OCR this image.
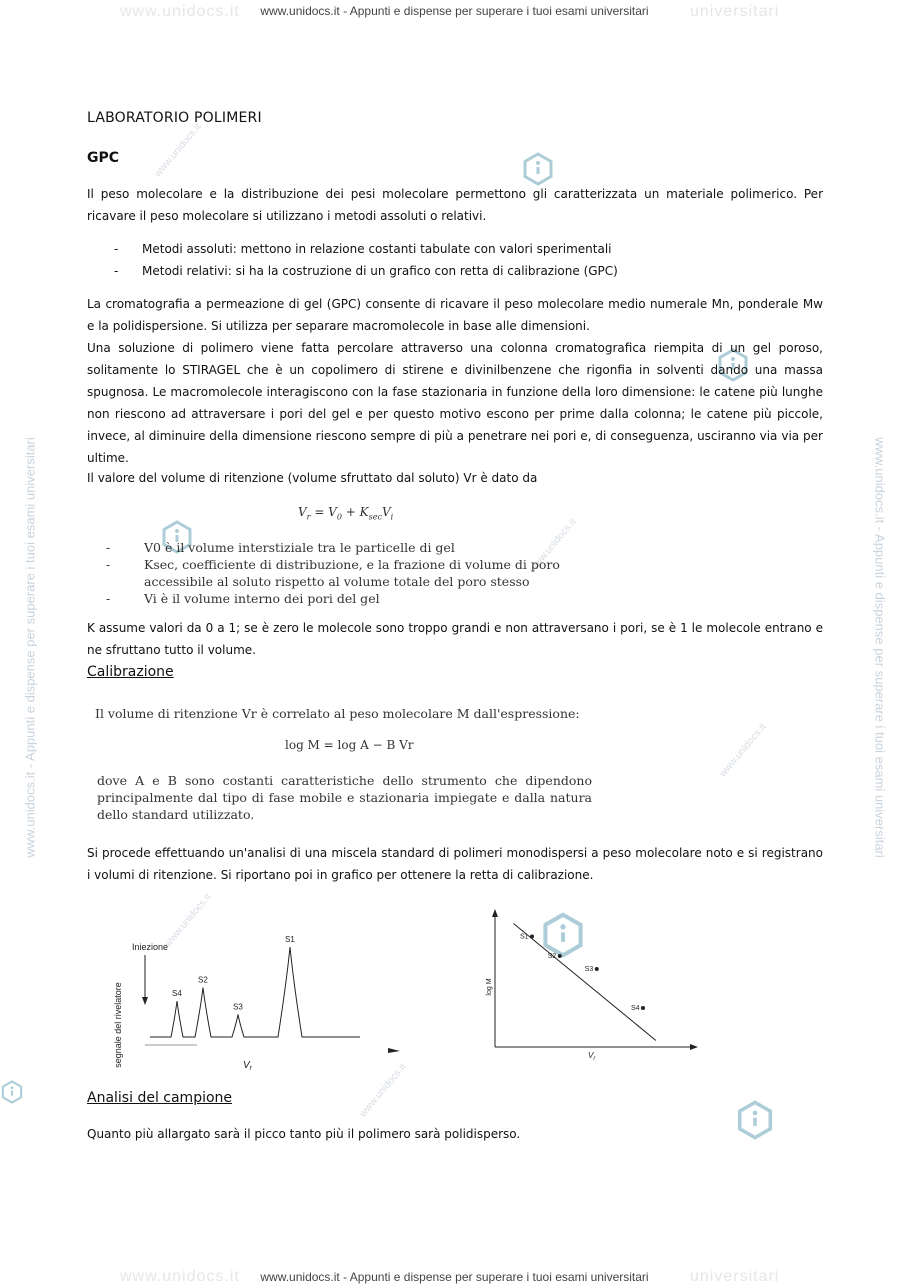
www.unidocs.it	universitari
www.unidocs.it - Appunti e dispense per superare i tuoi esami universitari
www.unidocs.it	universitari
www.unidocs.it - Appunti e dispense per superare i tuoi esami universitari
www.unidocs.it - Appunti e dispense per superare i tuoi esami universitari	www.unidocs.it - Appunti e dispense per superare i tuoi esami universitari
www.unidocs.it
www.unidocs.it
www.unidocs.it
www.unidocs.it
www.unidocs.it
LABORATORIO POLIMERI
GPC
Il peso molecolare e la distribuzione dei pesi molecolare permettono gli caratterizzata un materiale polimerico. Per ricavare il peso molecolare si utilizzano i metodi assoluti o relativi.
- Metodi assoluti: mettono in relazione costanti tabulate con valori sperimentali
- Metodi relativi: si ha la costruzione di un grafico con retta di calibrazione (GPC)
La cromatografia a permeazione di gel (GPC) consente di ricavare il peso molecolare medio numerale Mn, ponderale Mw e la polidispersione. Si utilizza per separare macromolecole in base alle dimensioni.
Una soluzione di polimero viene fatta percolare attraverso una colonna cromatografica riempita di un gel poroso, solitamente lo STIRAGEL che è un copolimero di stirene e divinilbenzene che rigonfia in solventi dando una massa spugnosa. Le macromolecole interagiscono con la fase stazionaria in funzione della loro dimensione: le catene più lunghe non riescono ad attraversare i pori del gel e per questo motivo escono per prime dalla colonna; le catene più piccole, invece, al diminuire della dimensione riescono sempre di più a penetrare nei pori e, di conseguenza, usciranno via via per ultime.
Il valore del volume di ritenzione (volume sfruttato dal soluto) Vr è dato da
$V_r = V_0 + K_{sec}V_i$
-	V0 è il volume interstiziale tra le particelle di gel
-	Ksec, coefficiente di distribuzione, e la frazione di volume di poro accessibile al soluto rispetto al volume totale del poro stesso
-	Vi è il volume interno dei pori del gel
K assume valori da 0 a 1; se è zero le molecole sono troppo grandi e non attraversano i pori, se è 1 le molecole entrano e ne sfruttano tutto il volume.
Calibrazione
Il volume di ritenzione Vr è correlato al peso molecolare M dall'espressione:
log M = log A − B Vr
dove A e B sono costanti caratteristiche dello strumento che dipendono principalmente dal tipo di fase mobile e stazionaria impiegate e dalla natura dello standard utilizzato.
Si procede effettuando un'analisi di una miscela standard di polimeri monodispersi a peso molecolare noto e si registrano i volumi di ritenzione. Si riportano poi in grafico per ottenere la retta di calibrazione.
segnale del rivelatore
Iniezione
S4
S2
S3
S1
$V_r$
log M
$V_r$
S1
S2
S3
S4
Analisi del campione
Quanto più allargato sarà il picco tanto più il polimero sarà polidisperso.
